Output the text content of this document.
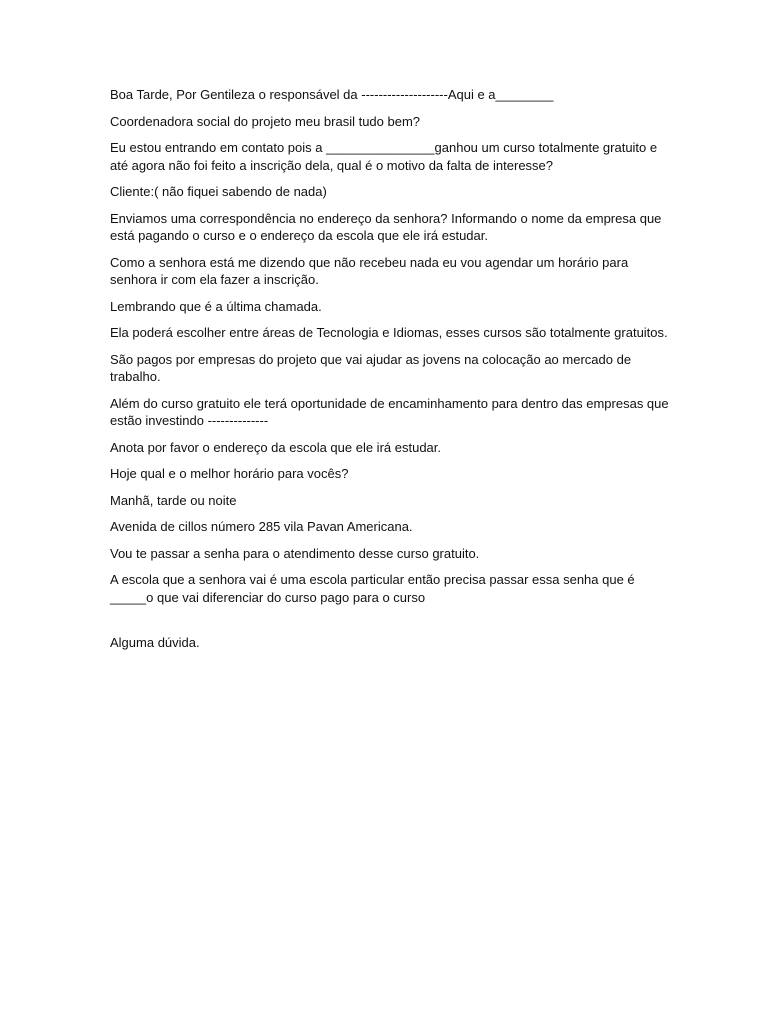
Boa Tarde, Por Gentileza o responsável da --------------------Aqui e a________

Coordenadora social do projeto meu brasil tudo bem?

Eu estou entrando em contato pois a _______________ganhou um curso totalmente gratuito e até agora não foi feito a inscrição dela, qual é o motivo da falta de interesse?

Cliente:( não fiquei sabendo de nada)

Enviamos uma correspondência no endereço da senhora? Informando o nome da empresa que está pagando o curso e o endereço da escola que ele irá estudar.

Como a senhora está me dizendo que não recebeu nada eu vou agendar um horário para senhora ir com ela fazer a inscrição.

Lembrando que é a última chamada.

Ela poderá escolher entre áreas de Tecnologia e Idiomas, esses cursos são totalmente gratuitos.

São pagos por empresas do projeto que vai ajudar as jovens na colocação ao mercado de trabalho.

Além do curso gratuito ele terá oportunidade de encaminhamento para dentro das empresas que estão investindo --------------

Anota por favor o endereço da escola que ele irá estudar.

Hoje qual e o melhor horário para vocês?

Manhã, tarde ou noite

Avenida de cillos número 285 vila Pavan Americana.

Vou te passar a senha para o atendimento desse curso gratuito.

A escola que a senhora vai é uma escola particular então precisa passar essa senha que é _____o que vai diferenciar do curso pago para o curso

Alguma dúvida.
